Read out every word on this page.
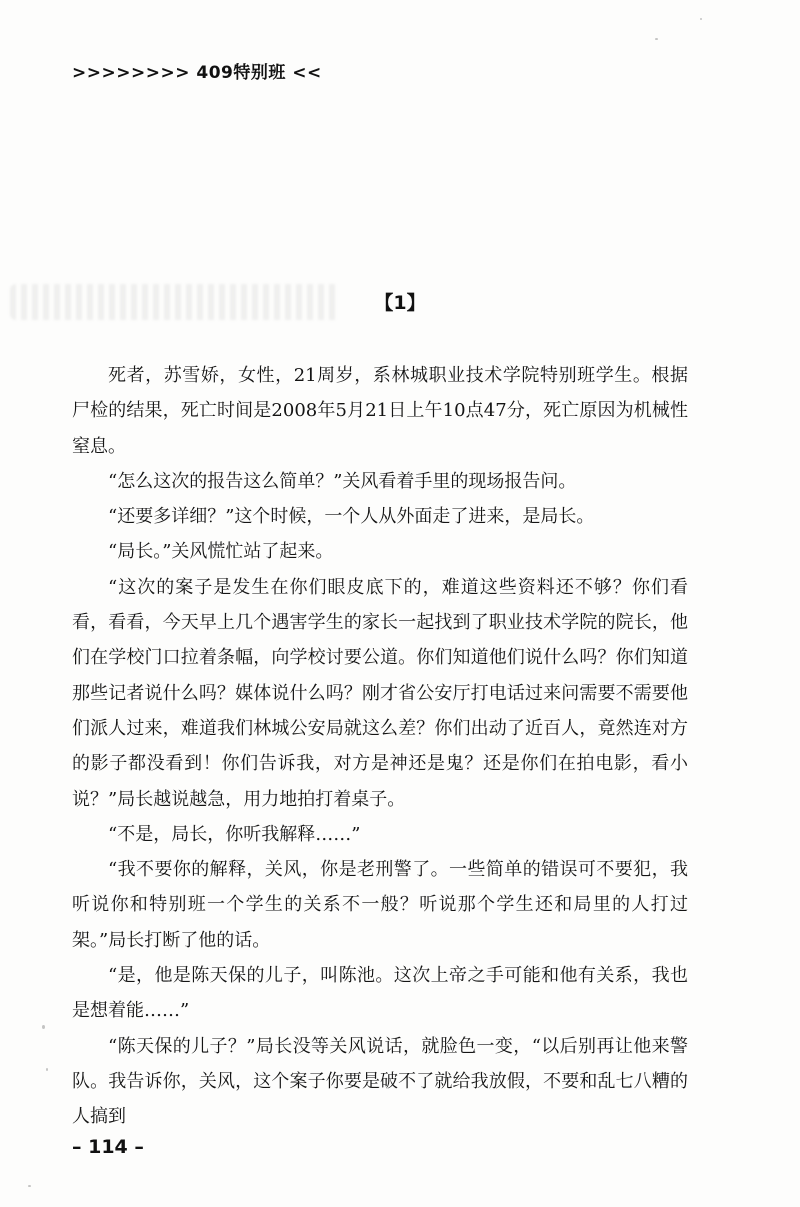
>>>>>>>> 409特别班 <<
【1】

死者，苏雪娇，女性，21周岁，系林城职业技术学院特别班学生。根据尸检的结果，死亡时间是2008年5月21日上午10点47分，死亡原因为机械性窒息。

“怎么这次的报告这么简单？”关风看着手里的现场报告问。

“还要多详细？”这个时候，一个人从外面走了进来，是局长。

“局长。”关风慌忙站了起来。

“这次的案子是发生在你们眼皮底下的，难道这些资料还不够？你们看看，看看，今天早上几个遇害学生的家长一起找到了职业技术学院的院长，他们在学校门口拉着条幅，向学校讨要公道。你们知道他们说什么吗？你们知道那些记者说什么吗？媒体说什么吗？刚才省公安厅打电话过来问需要不需要他们派人过来，难道我们林城公安局就这么差？你们出动了近百人，竟然连对方的影子都没看到！你们告诉我，对方是神还是鬼？还是你们在拍电影，看小说？”局长越说越急，用力地拍打着桌子。

“不是，局长，你听我解释……”

“我不要你的解释，关风，你是老刑警了。一些简单的错误可不要犯，我听说你和特别班一个学生的关系不一般？听说那个学生还和局里的人打过架。”局长打断了他的话。

“是，他是陈天保的儿子，叫陈池。这次上帝之手可能和他有关系，我也是想着能……”

“陈天保的儿子？”局长没等关风说话，就脸色一变，“以后别再让他来警队。我告诉你，关风，这个案子你要是破不了就给我放假，不要和乱七八糟的人搞到

– 114 –
